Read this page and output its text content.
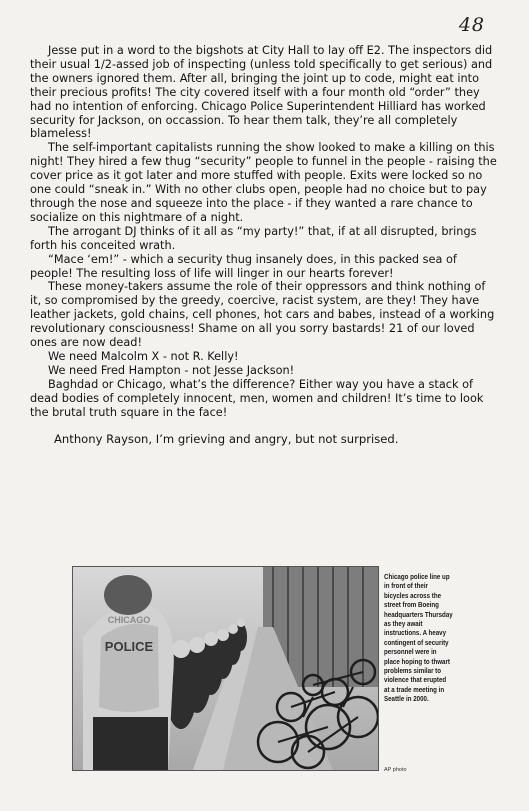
48

Jesse put in a word to the bigshots at City Hall to lay off E2. The inspectors did their usual 1/2-assed job of inspecting (unless told specifically to get serious) and the owners ignored them. After all, bringing the joint up to code, might eat into their precious profits! The city covered itself with a four month old “order” they had no intention of enforcing. Chicago Police Superintendent Hilliard has worked security for Jackson, on occassion. To hear them talk, they’re all completely blameless!

The self-important capitalists running the show looked to make a killing on this night! They hired a few thug “security” people to funnel in the people - raising the cover price as it got later and more stuffed with people. Exits were locked so no one could “sneak in.” With no other clubs open, people had no choice but to pay through the nose and squeeze into the place - if they wanted a rare chance to socialize on this nightmare of a night.

The arrogant DJ thinks of it all as “my party!” that, if at all disrupted, brings forth his conceited wrath.

“Mace ‘em!” - which a security thug insanely does, in this packed sea of people! The resulting loss of life will linger in our hearts forever!

These money-takers assume the role of their oppressors and think nothing of it, so compromised by the greedy, coercive, racist system, are they! They have leather jackets, gold chains, cell phones, hot cars and babes, instead of a working revolutionary consciousness! Shame on all you sorry bastards! 21 of our loved ones are now dead!

We need Malcolm X - not R. Kelly!

We need Fred Hampton - not Jesse Jackson!

Baghdad or Chicago, what’s the difference? Either way you have a stack of dead bodies of completely innocent, men, women and children! It’s time to look the brutal truth square in the face!

Anthony Rayson, I’m grieving and angry, but not surprised.

CHICAGO
POLICE
Chicago police line up in front of their bicycles across the street from Boeing headquarters Thursday as they await instructions. A heavy contingent of security personnel were in place hoping to thwart problems similar to violence that erupted at a trade meeting in Seattle in 2000.
AP photo
